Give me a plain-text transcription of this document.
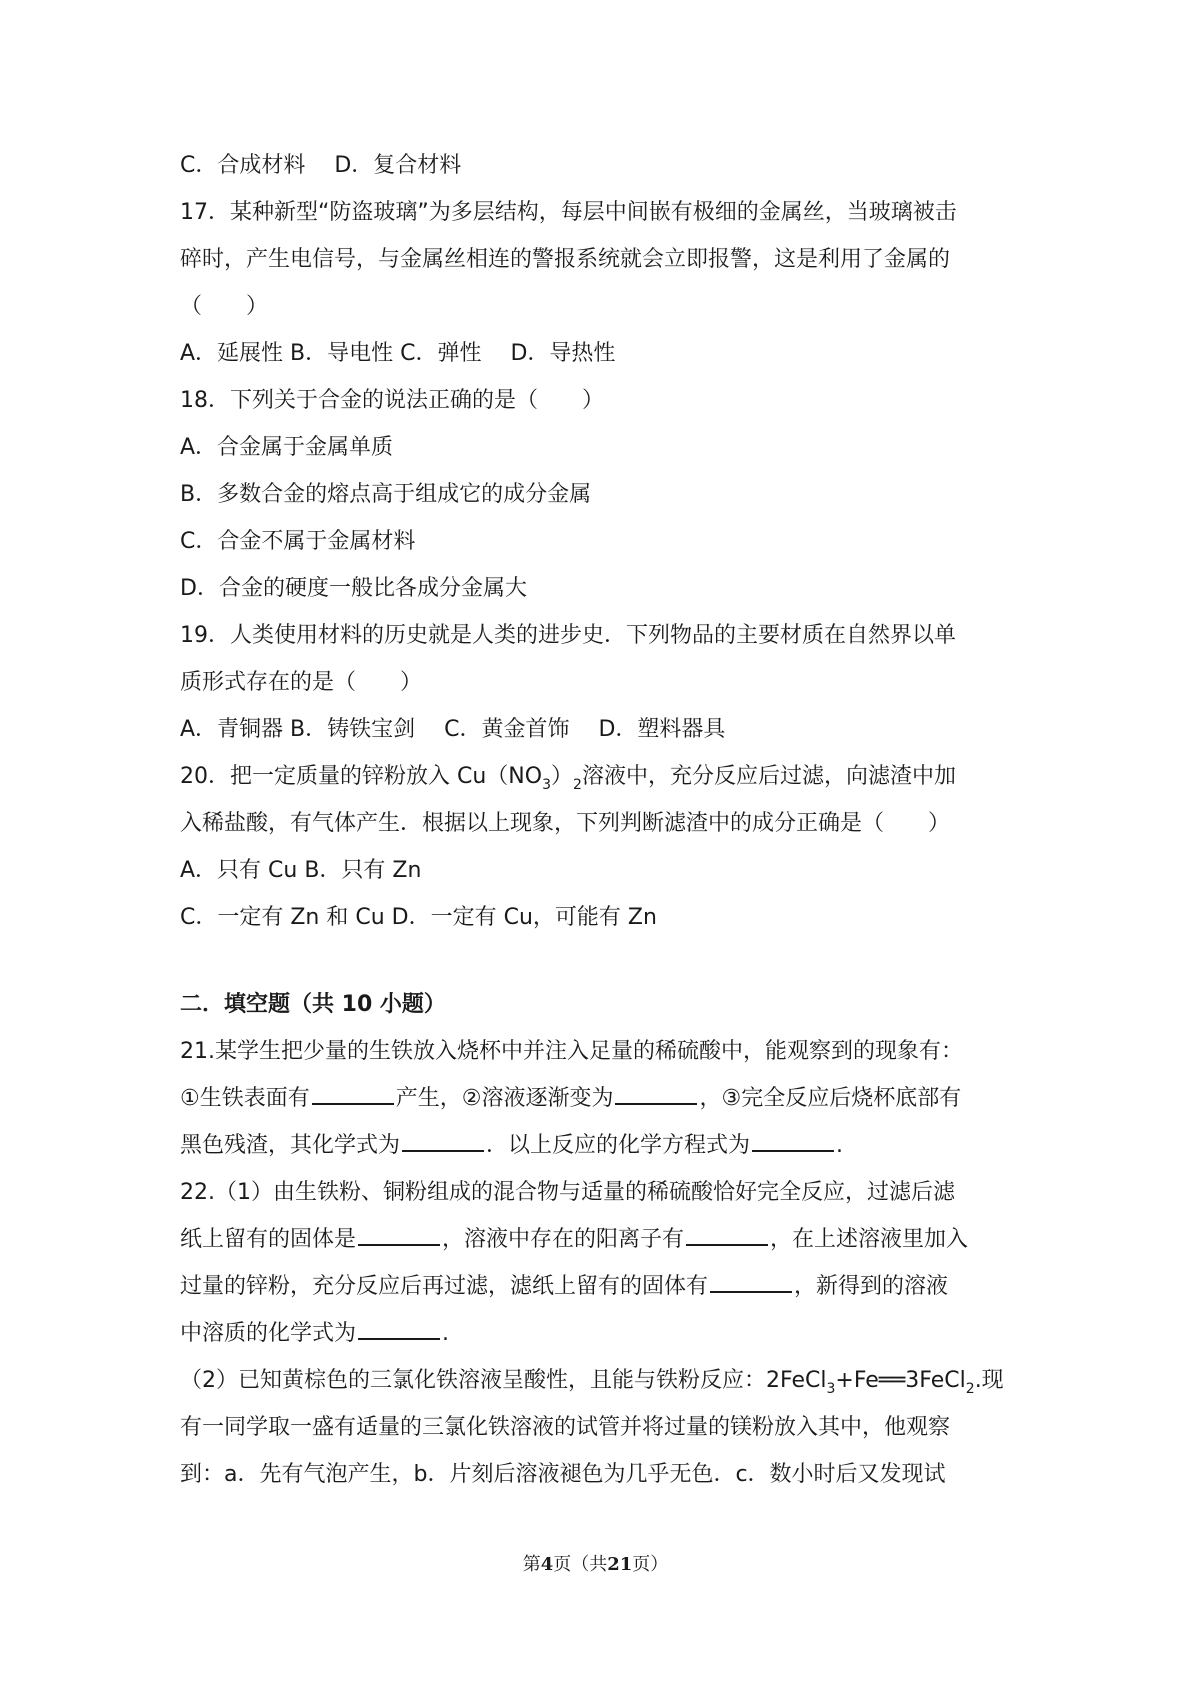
C．合成材料　 D．复合材料
17．某种新型“防盗玻璃”为多层结构，每层中间嵌有极细的金属丝，当玻璃被击
碎时，产生电信号，与金属丝相连的警报系统就会立即报警，这是利用了金属的
（　　）
A．延展性 B．导电性 C．弹性　 D．导热性
18．下列关于合金的说法正确的是（　　）
A．合金属于金属单质
B．多数合金的熔点高于组成它的成分金属
C．合金不属于金属材料
D．合金的硬度一般比各成分金属大
19．人类使用材料的历史就是人类的进步史．下列物品的主要材质在自然界以单
质形式存在的是（　　）
A．青铜器 B．铸铁宝剑　 C．黄金首饰　 D．塑料器具
20．把一定质量的锌粉放入 $Cu(NO_3)_2$溶液中，充分反应后过滤，向滤渣中加
入稀盐酸，有气体产生．根据以上现象，下列判断滤渣中的成分正确是（　　）
A．只有 Cu B．只有 Zn
C．一定有 Zn 和 Cu D．一定有 Cu，可能有 Zn
二．填空题（共 10 小题）
21.某学生把少量的生铁放入烧杯中并注入足量的稀硫酸中，能观察到的现象有：
①生铁表面有	产生，②溶液逐渐变为	，③完全反应后烧杯底部有
黑色残渣，其化学式为	．以上反应的化学方程式为	.
22.（1）由生铁粉、铜粉组成的混合物与适量的稀硫酸恰好完全反应，过滤后滤
纸上留有的固体是	，溶液中存在的阳离子有	，在上述溶液里加入
过量的锌粉，充分反应后再过滤，滤纸上留有的固体有	，新得到的溶液
中溶质的化学式为	.
（2）已知黄棕色的三氯化铁溶液呈酸性，且能与铁粉反应：2FeCl$_3$+Fe══3FeCl$_2$.现
有一同学取一盛有适量的三氯化铁溶液的试管并将过量的镁粉放入其中，他观察
到：a．先有气泡产生，b．片刻后溶液褪色为几乎无色．c．数小时后又发现试
第4页（共21页）
